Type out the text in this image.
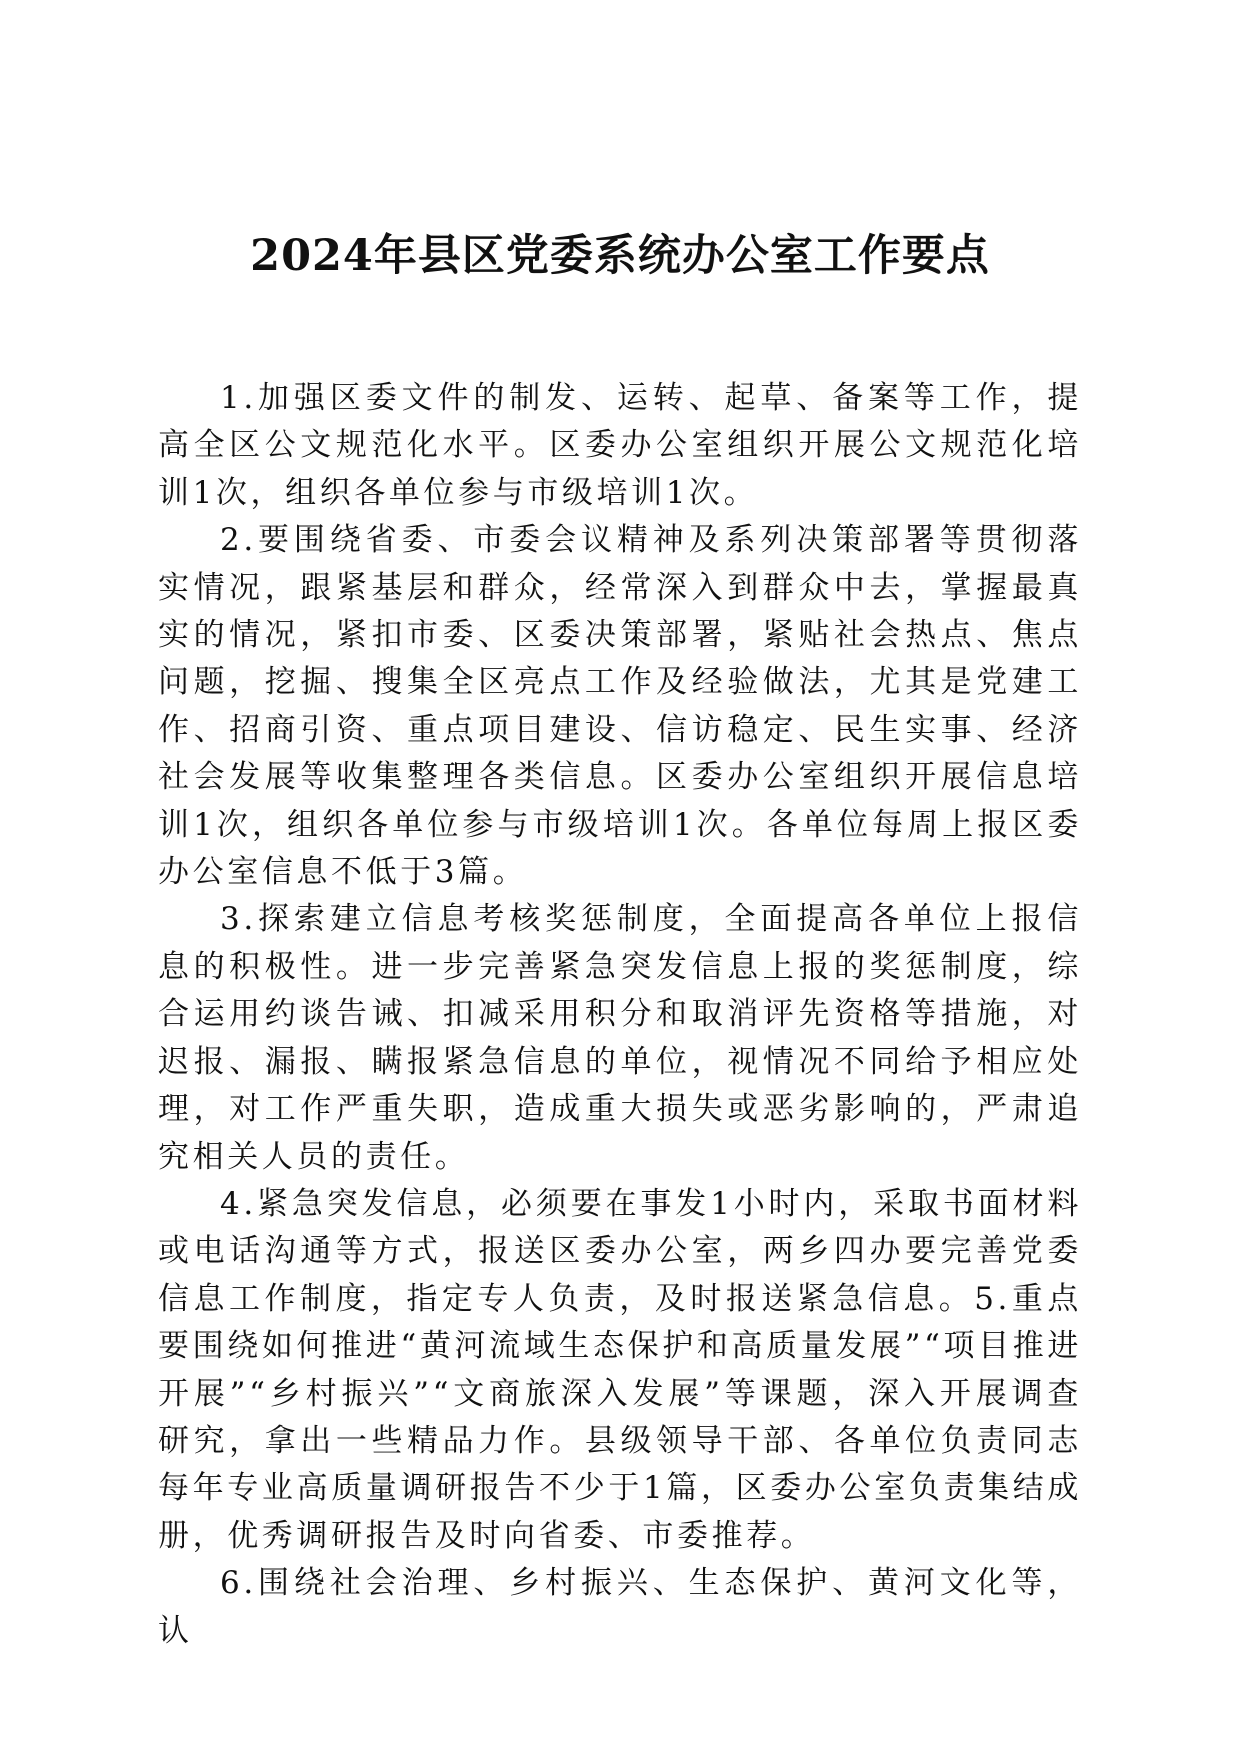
2024年县区党委系统办公室工作要点

1.加强区委文件的制发、运转、起草、备案等工作，提高全区公文规范化水平。区委办公室组织开展公文规范化培训1次，组织各单位参与市级培训1次。

2.要围绕省委、市委会议精神及系列决策部署等贯彻落实情况，跟紧基层和群众，经常深入到群众中去，掌握最真实的情况，紧扣市委、区委决策部署，紧贴社会热点、焦点问题，挖掘、搜集全区亮点工作及经验做法，尤其是党建工作、招商引资、重点项目建设、信访稳定、民生实事、经济社会发展等收集整理各类信息。区委办公室组织开展信息培训1次，组织各单位参与市级培训1次。各单位每周上报区委办公室信息不低于3篇。

3.探索建立信息考核奖惩制度，全面提高各单位上报信息的积极性。进一步完善紧急突发信息上报的奖惩制度，综合运用约谈告诫、扣减采用积分和取消评先资格等措施，对迟报、漏报、瞒报紧急信息的单位，视情况不同给予相应处理，对工作严重失职，造成重大损失或恶劣影响的，严肃追究相关人员的责任。

4.紧急突发信息，必须要在事发1小时内，采取书面材料或电话沟通等方式，报送区委办公室，两乡四办要完善党委信息工作制度，指定专人负责，及时报送紧急信息。5.重点要围绕如何推进“黄河流域生态保护和高质量发展”“项目推进开展”“乡村振兴”“文商旅深入发展”等课题，深入开展调查研究，拿出一些精品力作。县级领导干部、各单位负责同志每年专业高质量调研报告不少于1篇，区委办公室负责集结成册，优秀调研报告及时向省委、市委推荐。

6.围绕社会治理、乡村振兴、生态保护、黄河文化等，认
